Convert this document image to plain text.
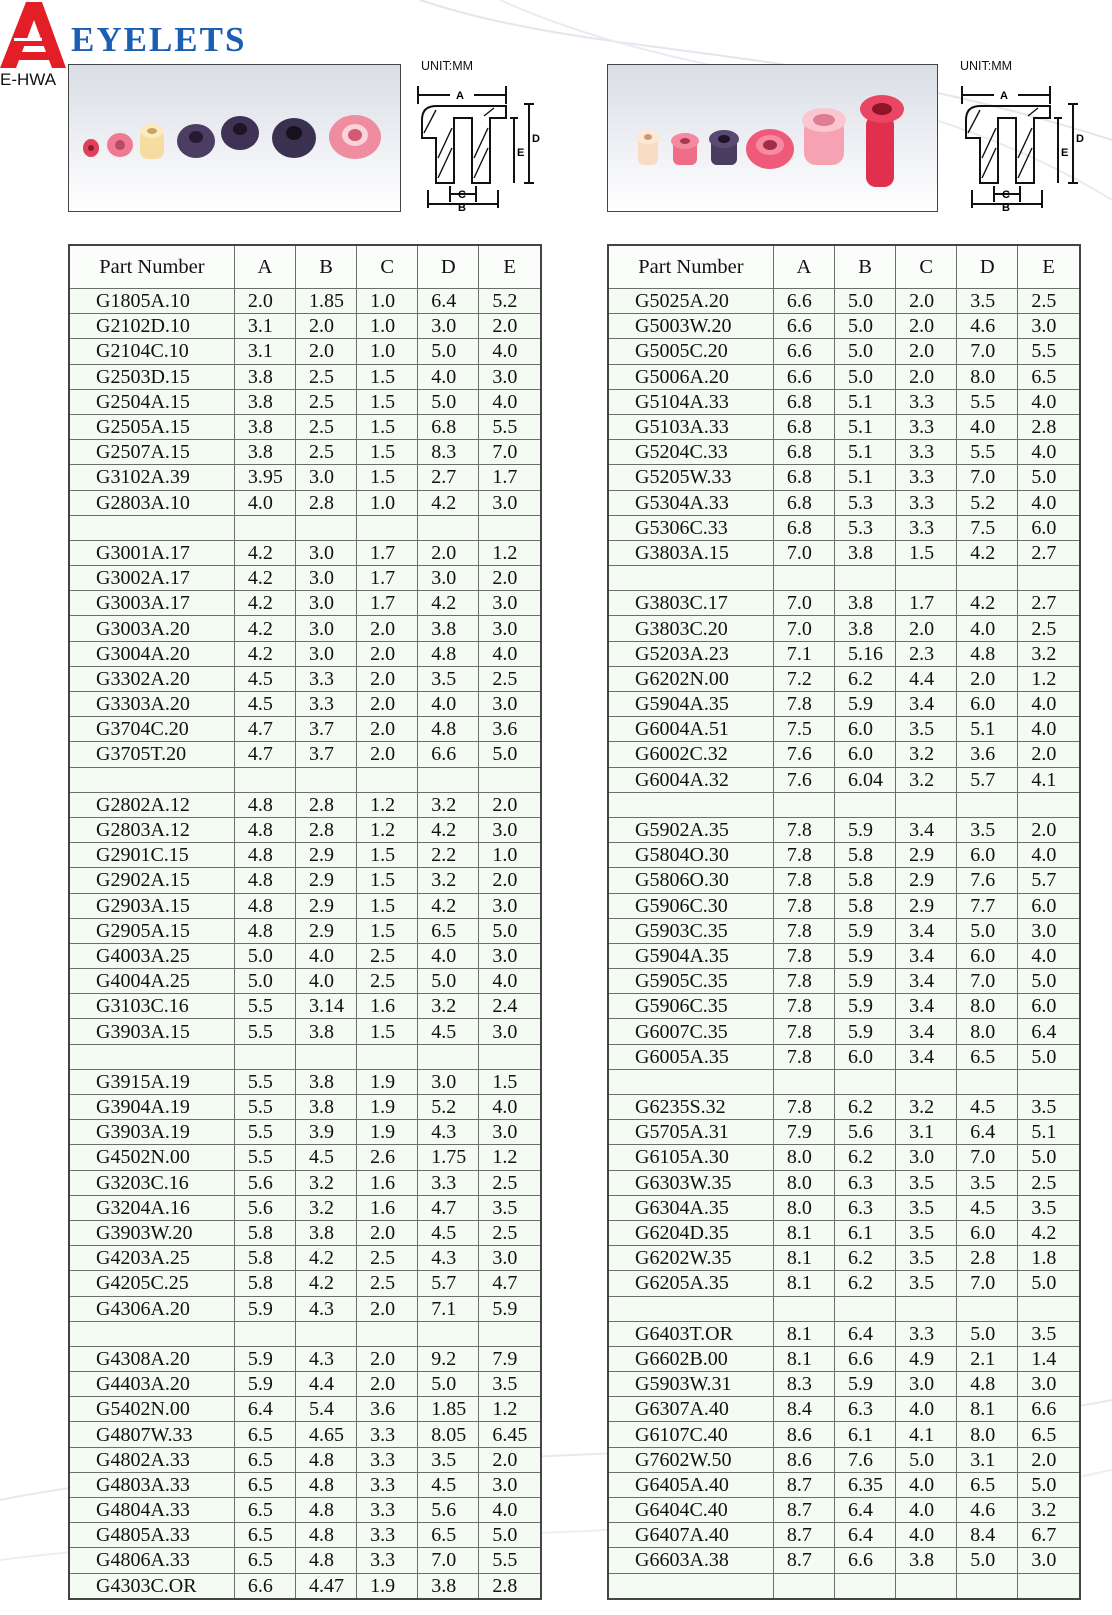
E-HWA
EYELETS
UNIT:MM
A
D
E
C
B
UNIT:MM
A
D
E
C
B
Part Number	A	B	C	D	E
G1805A.10	2.0	1.85	1.0	6.4	5.2
G2102D.10	3.1	2.0	1.0	3.0	2.0
G2104C.10	3.1	2.0	1.0	5.0	4.0
G2503D.15	3.8	2.5	1.5	4.0	3.0
G2504A.15	3.8	2.5	1.5	5.0	4.0
G2505A.15	3.8	2.5	1.5	6.8	5.5
G2507A.15	3.8	2.5	1.5	8.3	7.0
G3102A.39	3.95	3.0	1.5	2.7	1.7
G2803A.10	4.0	2.8	1.0	4.2	3.0

G3001A.17	4.2	3.0	1.7	2.0	1.2
G3002A.17	4.2	3.0	1.7	3.0	2.0
G3003A.17	4.2	3.0	1.7	4.2	3.0
G3003A.20	4.2	3.0	2.0	3.8	3.0
G3004A.20	4.2	3.0	2.0	4.8	4.0
G3302A.20	4.5	3.3	2.0	3.5	2.5
G3303A.20	4.5	3.3	2.0	4.0	3.0
G3704C.20	4.7	3.7	2.0	4.8	3.6
G3705T.20	4.7	3.7	2.0	6.6	5.0

G2802A.12	4.8	2.8	1.2	3.2	2.0
G2803A.12	4.8	2.8	1.2	4.2	3.0
G2901C.15	4.8	2.9	1.5	2.2	1.0
G2902A.15	4.8	2.9	1.5	3.2	2.0
G2903A.15	4.8	2.9	1.5	4.2	3.0
G2905A.15	4.8	2.9	1.5	6.5	5.0
G4003A.25	5.0	4.0	2.5	4.0	3.0
G4004A.25	5.0	4.0	2.5	5.0	4.0
G3103C.16	5.5	3.14	1.6	3.2	2.4
G3903A.15	5.5	3.8	1.5	4.5	3.0

G3915A.19	5.5	3.8	1.9	3.0	1.5
G3904A.19	5.5	3.8	1.9	5.2	4.0
G3903A.19	5.5	3.9	1.9	4.3	3.0
G4502N.00	5.5	4.5	2.6	1.75	1.2
G3203C.16	5.6	3.2	1.6	3.3	2.5
G3204A.16	5.6	3.2	1.6	4.7	3.5
G3903W.20	5.8	3.8	2.0	4.5	2.5
G4203A.25	5.8	4.2	2.5	4.3	3.0
G4205C.25	5.8	4.2	2.5	5.7	4.7
G4306A.20	5.9	4.3	2.0	7.1	5.9

G4308A.20	5.9	4.3	2.0	9.2	7.9
G4403A.20	5.9	4.4	2.0	5.0	3.5
G5402N.00	6.4	5.4	3.6	1.85	1.2
G4807W.33	6.5	4.65	3.3	8.05	6.45
G4802A.33	6.5	4.8	3.3	3.5	2.0
G4803A.33	6.5	4.8	3.3	4.5	3.0
G4804A.33	6.5	4.8	3.3	5.6	4.0
G4805A.33	6.5	4.8	3.3	6.5	5.0
G4806A.33	6.5	4.8	3.3	7.0	5.5
G4303C.OR	6.6	4.47	1.9	3.8	2.8
Part Number	A	B	C	D	E
G5025A.20	6.6	5.0	2.0	3.5	2.5
G5003W.20	6.6	5.0	2.0	4.6	3.0
G5005C.20	6.6	5.0	2.0	7.0	5.5
G5006A.20	6.6	5.0	2.0	8.0	6.5
G5104A.33	6.8	5.1	3.3	5.5	4.0
G5103A.33	6.8	5.1	3.3	4.0	2.8
G5204C.33	6.8	5.1	3.3	5.5	4.0
G5205W.33	6.8	5.1	3.3	7.0	5.0
G5304A.33	6.8	5.3	3.3	5.2	4.0
G5306C.33	6.8	5.3	3.3	7.5	6.0
G3803A.15	7.0	3.8	1.5	4.2	2.7

G3803C.17	7.0	3.8	1.7	4.2	2.7
G3803C.20	7.0	3.8	2.0	4.0	2.5
G5203A.23	7.1	5.16	2.3	4.8	3.2
G6202N.00	7.2	6.2	4.4	2.0	1.2
G5904A.35	7.8	5.9	3.4	6.0	4.0
G6004A.51	7.5	6.0	3.5	5.1	4.0
G6002C.32	7.6	6.0	3.2	3.6	2.0
G6004A.32	7.6	6.04	3.2	5.7	4.1

G5902A.35	7.8	5.9	3.4	3.5	2.0
G5804O.30	7.8	5.8	2.9	6.0	4.0
G5806O.30	7.8	5.8	2.9	7.6	5.7
G5906C.30	7.8	5.8	2.9	7.7	6.0
G5903C.35	7.8	5.9	3.4	5.0	3.0
G5904A.35	7.8	5.9	3.4	6.0	4.0
G5905C.35	7.8	5.9	3.4	7.0	5.0
G5906C.35	7.8	5.9	3.4	8.0	6.0
G6007C.35	7.8	5.9	3.4	8.0	6.4
G6005A.35	7.8	6.0	3.4	6.5	5.0

G6235S.32	7.8	6.2	3.2	4.5	3.5
G5705A.31	7.9	5.6	3.1	6.4	5.1
G6105A.30	8.0	6.2	3.0	7.0	5.0
G6303W.35	8.0	6.3	3.5	3.5	2.5
G6304A.35	8.0	6.3	3.5	4.5	3.5
G6204D.35	8.1	6.1	3.5	6.0	4.2
G6202W.35	8.1	6.2	3.5	2.8	1.8
G6205A.35	8.1	6.2	3.5	7.0	5.0

G6403T.OR	8.1	6.4	3.3	5.0	3.5
G6602B.00	8.1	6.6	4.9	2.1	1.4
G5903W.31	8.3	5.9	3.0	4.8	3.0
G6307A.40	8.4	6.3	4.0	8.1	6.6
G6107C.40	8.6	6.1	4.1	8.0	6.5
G7602W.50	8.6	7.6	5.0	3.1	2.0
G6405A.40	8.7	6.35	4.0	6.5	5.0
G6404C.40	8.7	6.4	4.0	4.6	3.2
G6407A.40	8.7	6.4	4.0	8.4	6.7
G6603A.38	8.7	6.6	3.8	5.0	3.0
